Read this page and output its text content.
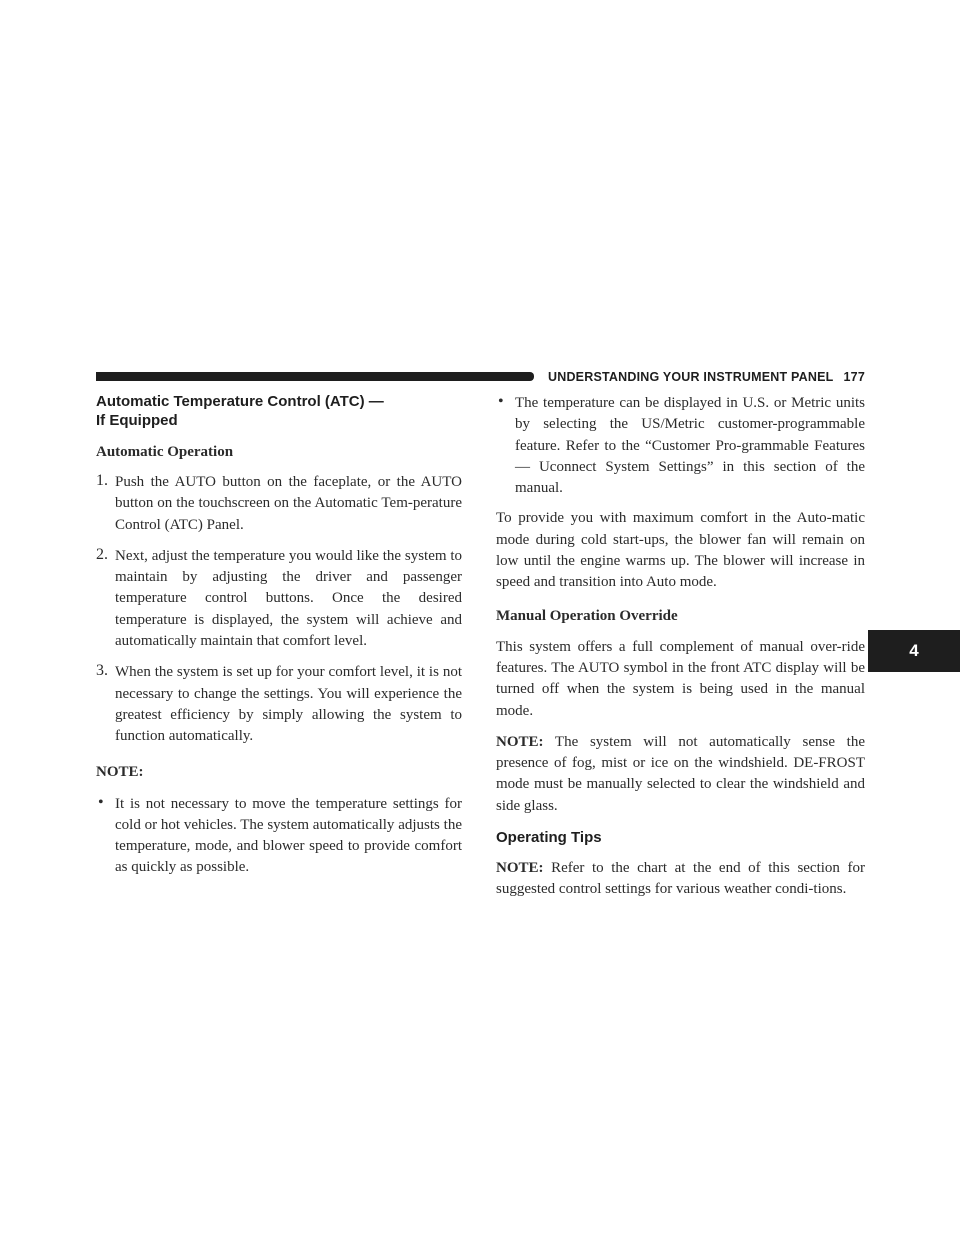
UNDERSTANDING YOUR INSTRUMENT PANEL 177
4
Automatic Temperature Control (ATC) —
If Equipped
Automatic Operation
1. Push the AUTO button on the faceplate, or the AUTO button on the touchscreen on the Automatic Tem-perature Control (ATC) Panel.

2. Next, adjust the temperature you would like the system to maintain by adjusting the driver and passenger temperature control buttons. Once the desired temperature is displayed, the system will achieve and automatically maintain that comfort level.

3. When the system is set up for your comfort level, it is not necessary to change the settings. You will experience the greatest efficiency by simply allowing the system to function automatically.

NOTE:
• It is not necessary to move the temperature settings for cold or hot vehicles. The system automatically adjusts the temperature, mode, and blower speed to provide comfort as quickly as possible.

• The temperature can be displayed in U.S. or Metric units by selecting the US/Metric customer-programmable feature. Refer to the “Customer Pro-grammable Features — Uconnect System Settings” in this section of the manual.

To provide you with maximum comfort in the Auto-matic mode during cold start-ups, the blower fan will remain on low until the engine warms up. The blower will increase in speed and transition into Auto mode.

Manual Operation Override

This system offers a full complement of manual over-ride features. The AUTO symbol in the front ATC display will be turned off when the system is being used in the manual mode.

NOTE: The system will not automatically sense the presence of fog, mist or ice on the windshield. DE-FROST mode must be manually selected to clear the windshield and side glass.

Operating Tips

NOTE: Refer to the chart at the end of this section for suggested control settings for various weather condi-tions.
